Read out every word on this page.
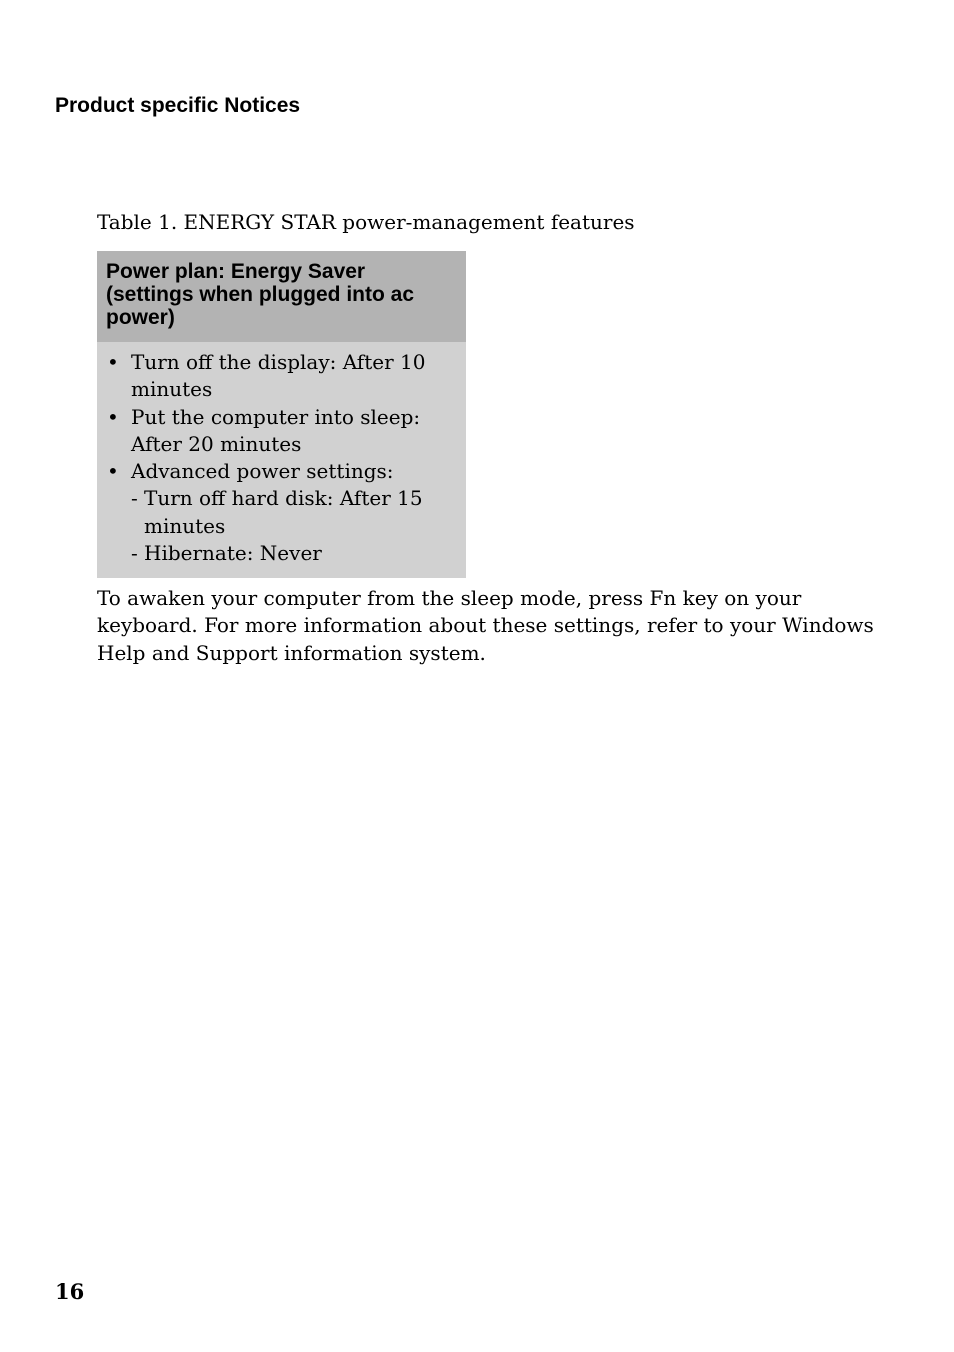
Product specific Notices
Table 1. ENERGY STAR power-management features
Power plan: Energy Saver
(settings when plugged into ac
power)
• Turn off the display: After 10
minutes
• Put the computer into sleep:
After 20 minutes
• Advanced power settings:
- Turn off hard disk: After 15
minutes
- Hibernate: Never
To awaken your computer from the sleep mode, press Fn key on your
keyboard. For more information about these settings, refer to your Windows
Help and Support information system.
16
